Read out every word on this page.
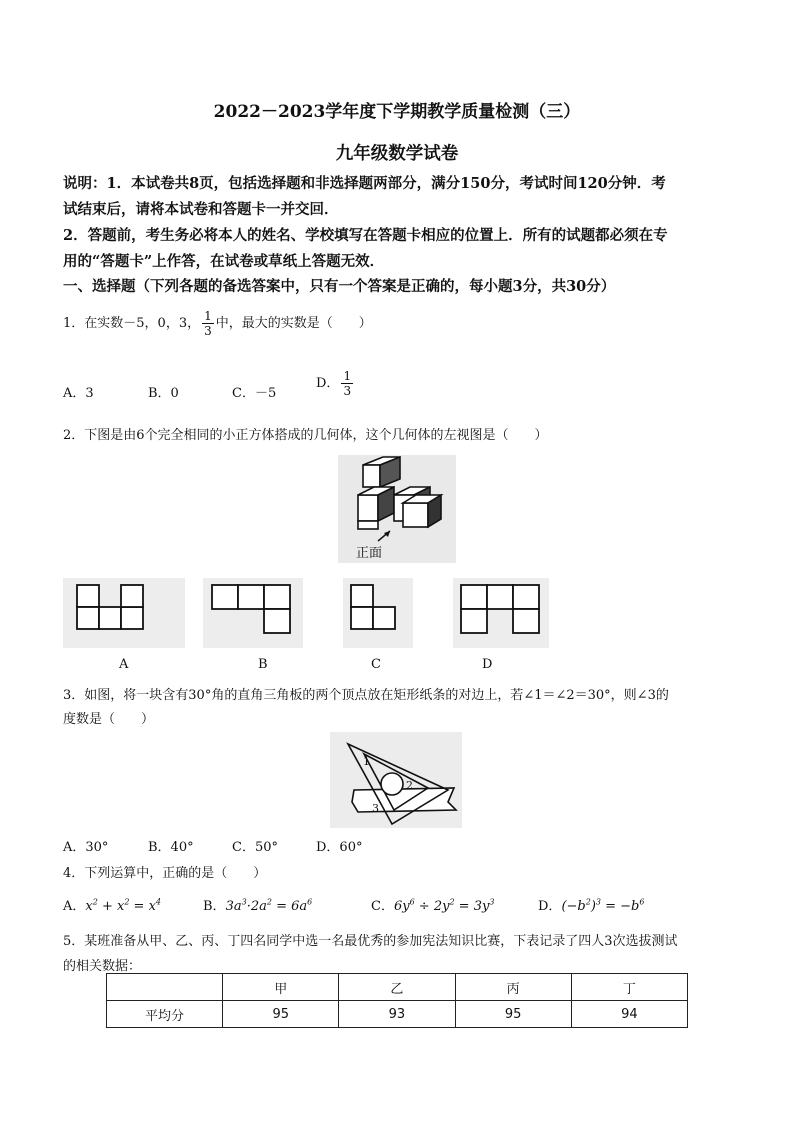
2022－2023学年度下学期教学质量检测（三）
九年级数学试卷
说明：1．本试卷共8页，包括选择题和非选择题两部分，满分150分，考试时间120分钟．考
试结束后，请将本试卷和答题卡一并交回．
2．答题前，考生务必将本人的姓名、学校填写在答题卡相应的位置上．所有的试题都必须在专
用的“答题卡”上作答，在试卷或草纸上答题无效．
一、选择题（下列各题的备选答案中，只有一个答案是正确的，每小题3分，共30分）
1．在实数－5，0，3， $\frac{1}{3}$ 中，最大的实数是（　　）
A．3	B．0	C．－5
D． $\frac{1}{3}$
2．下图是由6个完全相同的小正方体搭成的几何体，这个几何体的左视图是（　　）
正面
A	B	C	D
3．如图，将一块含有30°角的直角三角板的两个顶点放在矩形纸条的对边上，若∠1＝∠2＝30°，则∠3的
度数是（　　）
1
2
3
A．30°	B．40°	C．50°	D．60°
4．下列运算中，正确的是（　　）
A．$x^2 + x^2 = x^4$	B．$3a^3\cdot 2a^2 = 6a^6$	C．$6y^6 \div 2y^2 = 3y^3$	D．$(-b^2)^3 = -b^6$
5．某班准备从甲、乙、丙、丁四名同学中选一名最优秀的参加宪法知识比赛，下表记录了四人3次选拔测试
的相关数据：
	甲	乙	丙	丁
平均分	95	93	95	94
